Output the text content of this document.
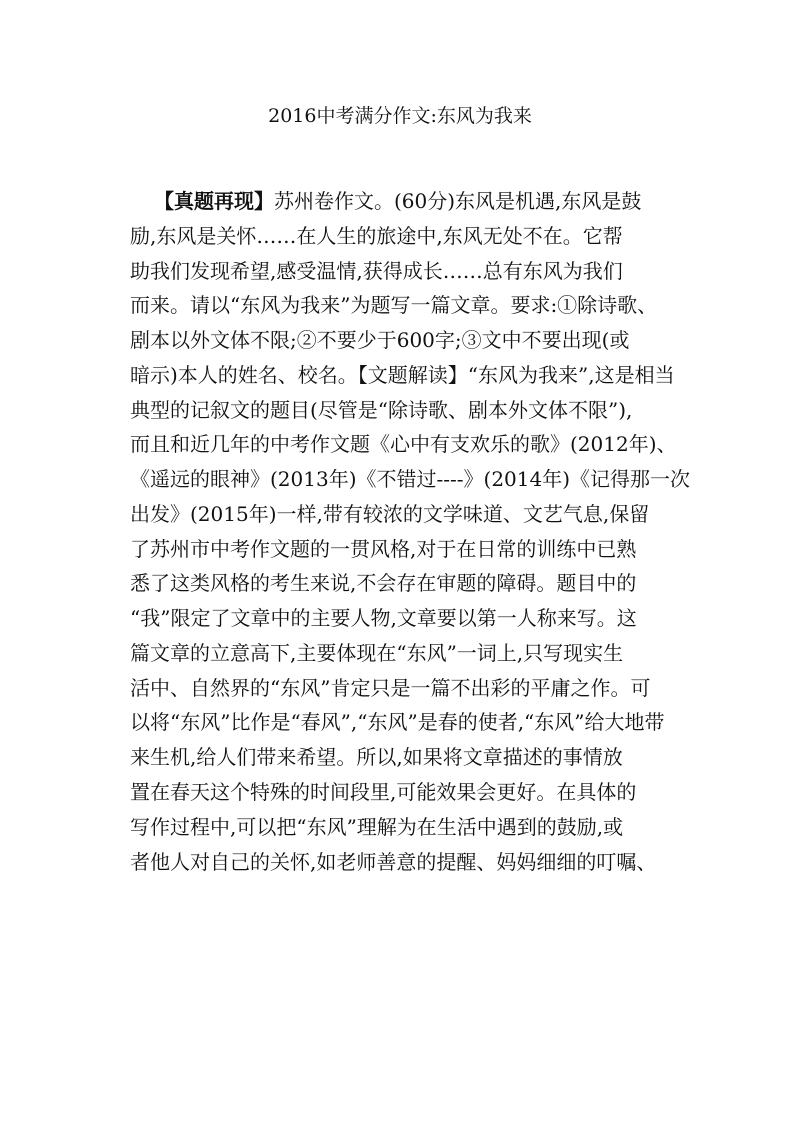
2016中考满分作文:东风为我来
【真题再现】苏州卷作文。(60分)东风是机遇,东风是鼓
励,东风是关怀……在人生的旅途中,东风无处不在。它帮
助我们发现希望,感受温情,获得成长……总有东风为我们
而来。请以“东风为我来”为题写一篇文章。要求:①除诗歌、
剧本以外文体不限;②不要少于600字;③文中不要出现(或
暗示)本人的姓名、校名。【文题解读】“东风为我来”,这是相当
典型的记叙文的题目(尽管是“除诗歌、剧本外文体不限”),
而且和近几年的中考作文题《心中有支欢乐的歌》(2012年)、
《遥远的眼神》(2013年)《不错过----》(2014年)《记得那一次
出发》(2015年)一样,带有较浓的文学味道、文艺气息,保留
了苏州市中考作文题的一贯风格,对于在日常的训练中已熟
悉了这类风格的考生来说,不会存在审题的障碍。题目中的
“我”限定了文章中的主要人物,文章要以第一人称来写。这
篇文章的立意高下,主要体现在“东风”一词上,只写现实生
活中、自然界的“东风”肯定只是一篇不出彩的平庸之作。可
以将“东风”比作是“春风”,“东风”是春的使者,“东风”给大地带
来生机,给人们带来希望。所以,如果将文章描述的事情放
置在春天这个特殊的时间段里,可能效果会更好。在具体的
写作过程中,可以把“东风”理解为在生活中遇到的鼓励,或
者他人对自己的关怀,如老师善意的提醒、妈妈细细的叮嘱、
